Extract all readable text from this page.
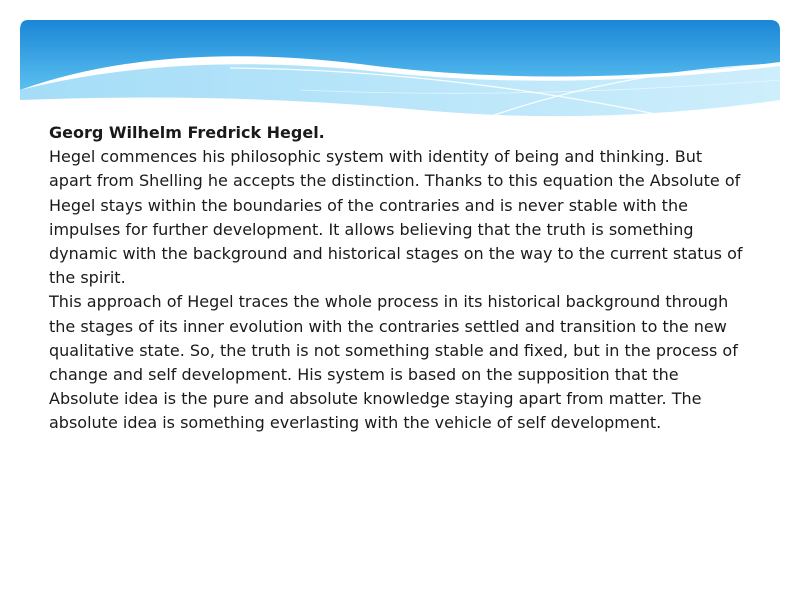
Georg Wilhelm Fredrick Hegel.

Hegel commences his philosophic system with identity of being and thinking. But apart from Shelling he accepts the distinction. Thanks to this equation the Absolute of Hegel stays within the boundaries of the contraries and is never stable with the impulses for further development. It allows believing that the truth is something dynamic with the background and historical stages on the way to the current status of the spirit.

This approach of Hegel traces the whole process in its historical background through the stages of its inner evolution with the contraries settled and transition to the new qualitative state. So, the truth is not something stable and fixed, but in the process of change and self development. His system is based on the supposition that the Absolute idea is the pure and absolute knowledge staying apart from matter. The absolute idea is something everlasting with the vehicle of self development.
